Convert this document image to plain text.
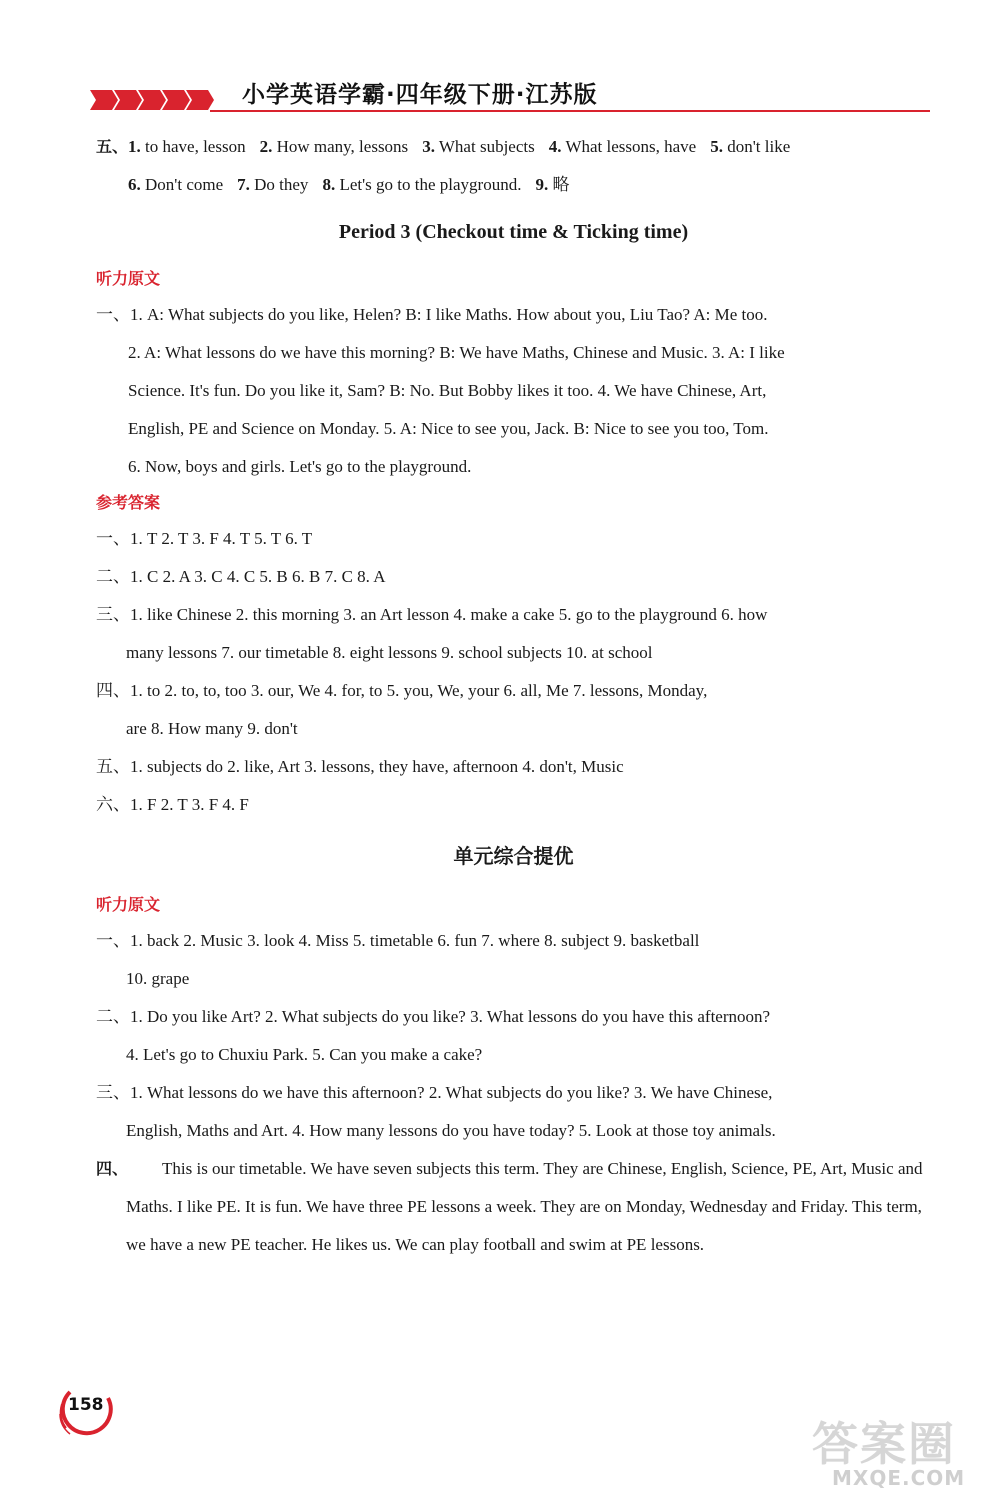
小学英语学霸·四年级下册·江苏版
五、1. to have, lesson 2. How many, lessons 3. What subjects 4. What lessons, have 5. don't like
6. Don't come 7. Do they 8. Let's go to the playground. 9. 略
Period 3 (Checkout time & Ticking time)
听力原文
一、1. A: What subjects do you like, Helen? B: I like Maths. How about you, Liu Tao? A: Me too.
2. A: What lessons do we have this morning? B: We have Maths, Chinese and Music. 3. A: I like
Science. It's fun. Do you like it, Sam? B: No. But Bobby likes it too. 4. We have Chinese, Art,
English, PE and Science on Monday. 5. A: Nice to see you, Jack. B: Nice to see you too, Tom.
6. Now, boys and girls. Let's go to the playground.
参考答案
一、1. T 2. T 3. F 4. T 5. T 6. T
二、1. C 2. A 3. C 4. C 5. B 6. B 7. C 8. A
三、1. like Chinese 2. this morning 3. an Art lesson 4. make a cake 5. go to the playground 6. how
many lessons 7. our timetable 8. eight lessons 9. school subjects 10. at school
四、1. to 2. to, to, too 3. our, We 4. for, to 5. you, We, your 6. all, Me 7. lessons, Monday,
are 8. How many 9. don't
五、1. subjects do 2. like, Art 3. lessons, they have, afternoon 4. don't, Music
六、1. F 2. T 3. F 4. F
单元综合提优
听力原文
一、1. back 2. Music 3. look 4. Miss 5. timetable 6. fun 7. where 8. subject 9. basketball
10. grape
二、1. Do you like Art? 2. What subjects do you like? 3. What lessons do you have this afternoon?
4. Let's go to Chuxiu Park. 5. Can you make a cake?
三、1. What lessons do we have this afternoon? 2. What subjects do you like? 3. We have Chinese,
English, Maths and Art. 4. How many lessons do you have today? 5. Look at those toy animals.
四、	This is our timetable. We have seven subjects this term. They are Chinese, English, Science, PE, Art, Music and Maths. I like PE. It is fun. We have three PE lessons a week. They are on Monday, Wednesday and Friday. This term, we have a new PE teacher. He likes us. We can play football and swim at PE lessons.
158
答案圈
MXQE.COM
